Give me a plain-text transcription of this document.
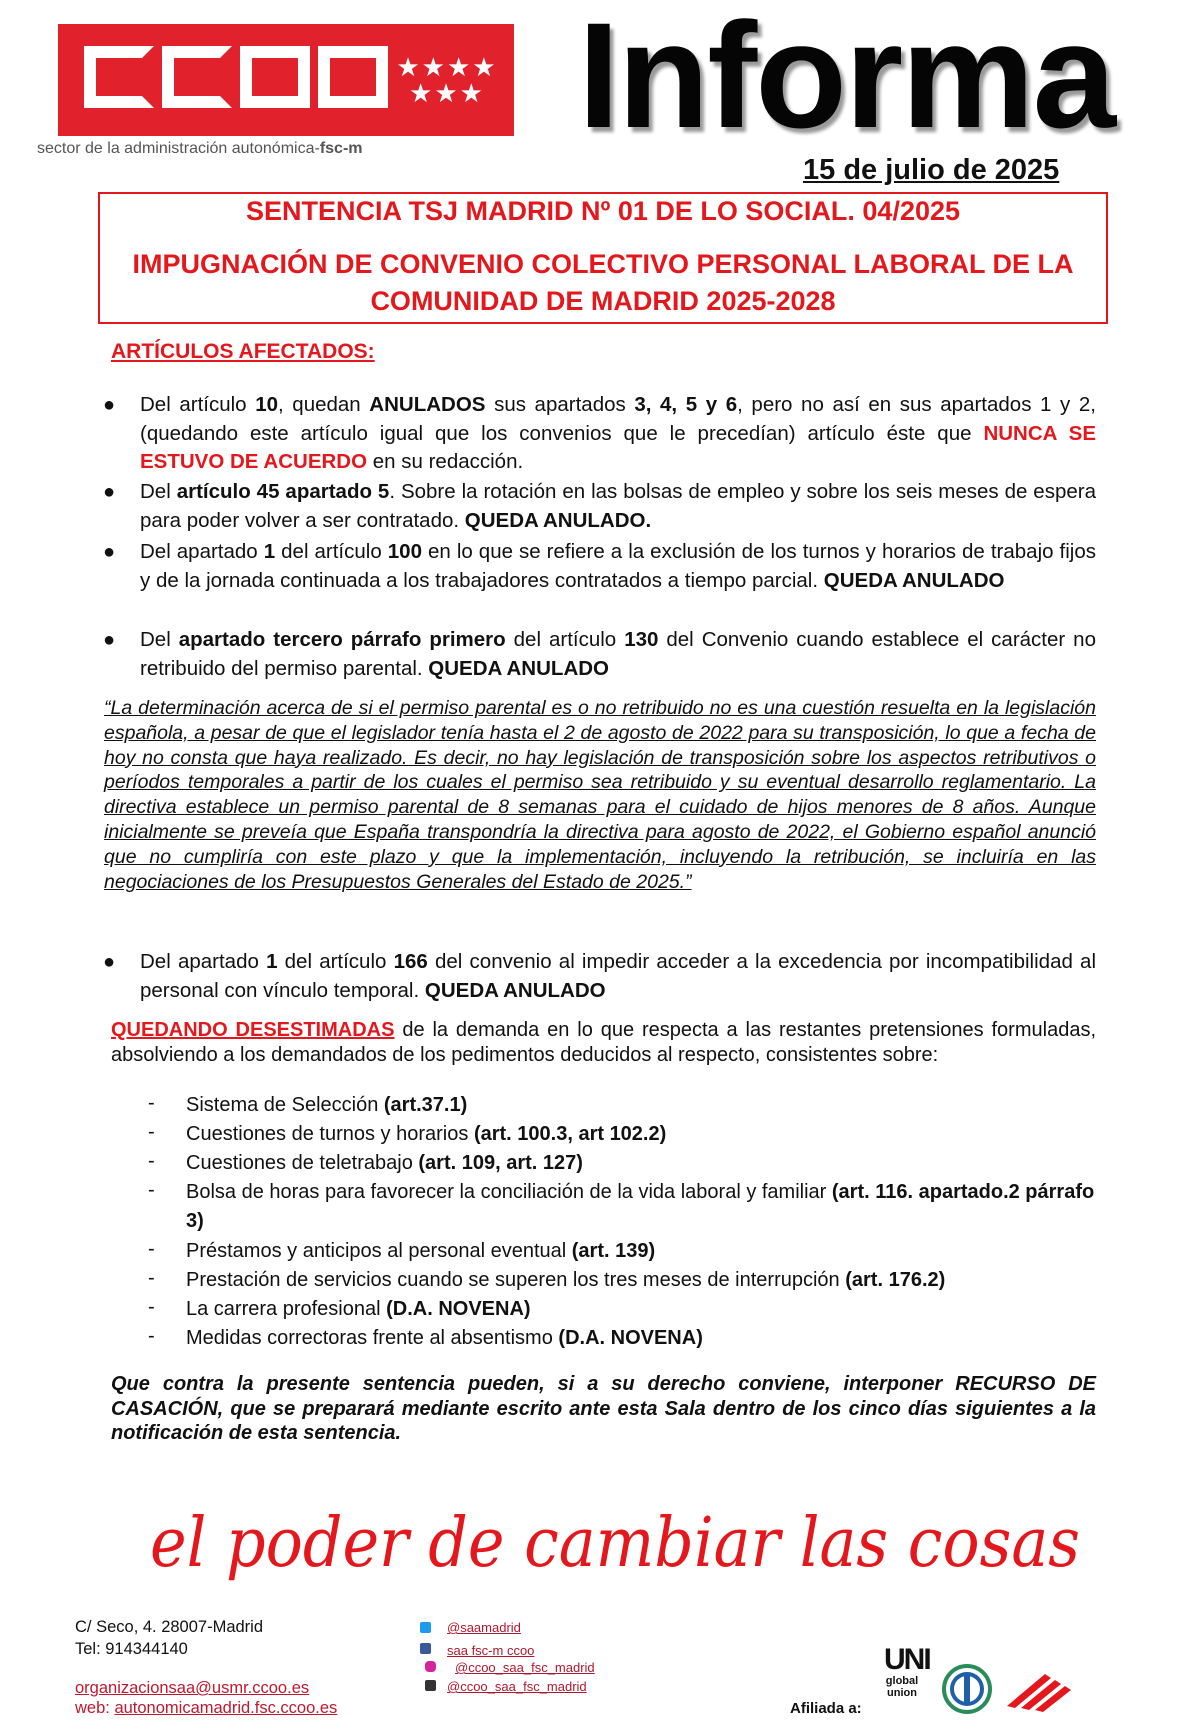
★★★★ ★★★
sector de la administración autonómica-fsc-m Informa
15 de julio de 2025
SENTENCIA TSJ MADRID Nº 01 DE LO SOCIAL. 04/2025
IMPUGNACIÓN DE CONVENIO COLECTIVO PERSONAL LABORAL DE LA COMUNIDAD DE MADRID 2025-2028
ARTÍCULOS AFECTADOS:
● Del artículo 10, quedan ANULADOS sus apartados 3, 4, 5 y 6, pero no así en sus apartados 1 y 2, (quedando este artículo igual que los convenios que le precedían) artículo éste que NUNCA SE ESTUVO DE ACUERDO en su redacción.
● Del artículo 45 apartado 5. Sobre la rotación en las bolsas de empleo y sobre los seis meses de espera para poder volver a ser contratado. QUEDA ANULADO.
● Del apartado 1 del artículo 100 en lo que se refiere a la exclusión de los turnos y horarios de trabajo fijos y de la jornada continuada a los trabajadores contratados a tiempo parcial. QUEDA ANULADO
● Del apartado tercero párrafo primero del artículo 130 del Convenio cuando establece el carácter no retribuido del permiso parental. QUEDA ANULADO
“La determinación acerca de si el permiso parental es o no retribuido no es una cuestión resuelta en la legislación española, a pesar de que el legislador tenía hasta el 2 de agosto de 2022 para su transposición, lo que a fecha de hoy no consta que haya realizado. Es decir, no hay legislación de transposición sobre los aspectos retributivos o períodos temporales a partir de los cuales el permiso sea retribuido y su eventual desarrollo reglamentario. La directiva establece un permiso parental de 8 semanas para el cuidado de hijos menores de 8 años. Aunque inicialmente se preveía que España transpondría la directiva para agosto de 2022, el Gobierno español anunció que no cumpliría con este plazo y que la implementación, incluyendo la retribución, se incluiría en las negociaciones de los Presupuestos Generales del Estado de 2025.”
● Del apartado 1 del artículo 166 del convenio al impedir acceder a la excedencia por incompatibilidad al personal con vínculo temporal. QUEDA ANULADO
QUEDANDO DESESTIMADAS de la demanda en lo que respecta a las restantes pretensiones formuladas, absolviendo a los demandados de los pedimentos deducidos al respecto, consistentes sobre:
- Sistema de Selección (art.37.1)
- Cuestiones de turnos y horarios (art. 100.3, art 102.2)
- Cuestiones de teletrabajo (art. 109, art. 127)
- Bolsa de horas para favorecer la conciliación de la vida laboral y familiar (art. 116. apartado.2 párrafo 3)
- Préstamos y anticipos al personal eventual (art. 139)
- Prestación de servicios cuando se superen los tres meses de interrupción (art. 176.2)
- La carrera profesional (D.A. NOVENA)
- Medidas correctoras frente al absentismo (D.A. NOVENA)
Que contra la presente sentencia pueden, si a su derecho conviene, interponer RECURSO DE CASACIÓN, que se preparará mediante escrito ante esta Sala dentro de los cinco días siguientes a la notificación de esta sentencia.
el poder de cambiar las cosas
C/ Seco, 4. 28007-Madrid
Tel: 914344140
organizacionsaa@usmr.ccoo.es
web: autonomicamadrid.fsc.ccoo.es
@saamadrid
saa fsc-m ccoo
@ccoo_saa_fsc_madrid
@ccoo_saa_fsc_madrid
Afiliada a:
UNI
global union
